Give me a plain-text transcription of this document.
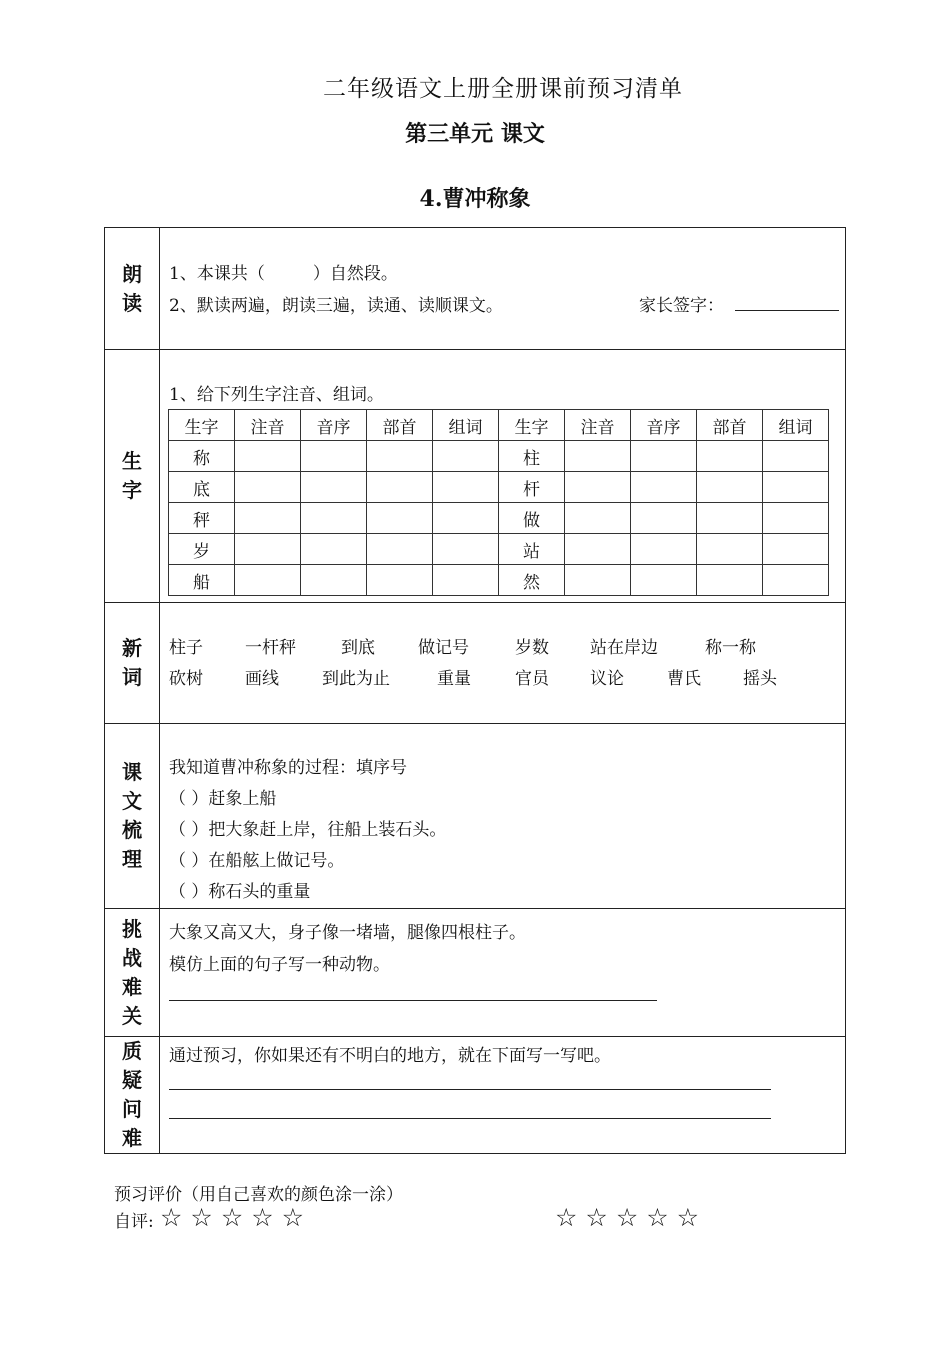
二年级语文上册全册课前预习清单
第三单元 课文
4.曹冲称象
朗读
1、本课共（	）自然段。
2、默读两遍，朗读三遍，读通、读顺课文。	家长签字：
生字
1、给下列生字注音、组词。
生字	注音	音序	部首	组词	生字	注音	音序	部首	组词
称					柱				
底					杆				
秤					做				
岁					站				
船					然				
新词
柱子 一杆秤	到底	做记号	岁数 站在岸边	称一称
砍树 画线	到此为止	重量	官员 议论	曹氏 摇头
课文梳理
我知道曹冲称象的过程：填序号
（ ）赶象上船
（ ）把大象赶上岸，往船上装石头。
（ ）在船舷上做记号。
（ ）称石头的重量
挑战难关
大象又高又大，身子像一堵墙，腿像四根柱子。
模仿上面的句子写一种动物。
质疑问难
通过预习，你如果还有不明白的地方，就在下面写一写吧。
预习评价（用自己喜欢的颜色涂一涂）
自评: ☆☆☆☆☆	☆☆☆☆☆
